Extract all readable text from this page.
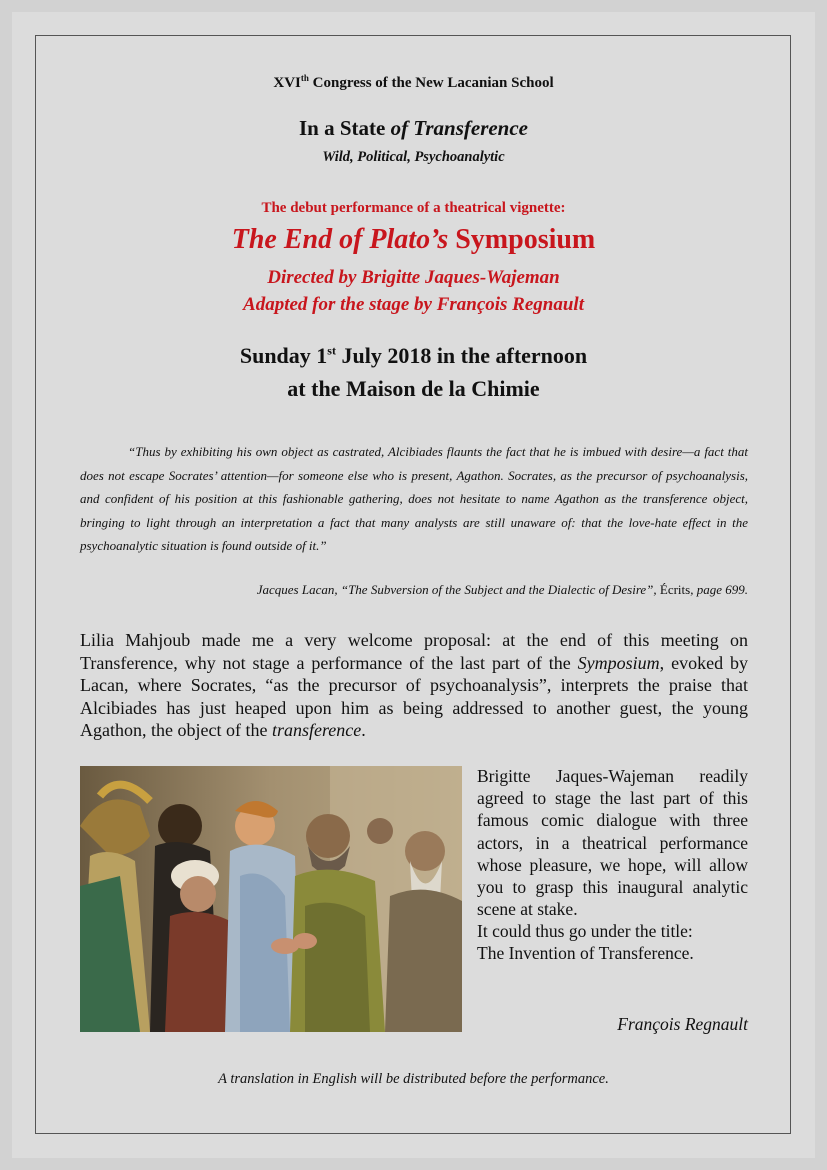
XVIth Congress of the New Lacanian School
In a State of Transference
Wild, Political, Psychoanalytic
The debut performance of a theatrical vignette:
The End of Plato’s Symposium
Directed by Brigitte Jaques-Wajeman
Adapted for the stage by François Regnault
Sunday 1st July 2018 in the afternoon
at the Maison de la Chimie
“Thus by exhibiting his own object as castrated, Alcibiades flaunts the fact that he is imbued with desire—a fact that does not escape Socrates’ attention—for someone else who is present, Agathon. Socrates, as the precursor of psychoanalysis, and confident of his position at this fashionable gathering, does not hesitate to name Agathon as the transference object, bringing to light through an interpretation a fact that many analysts are still unaware of: that the love-hate effect in the psychoanalytic situation is found outside of it.”
Jacques Lacan, “The Subversion of the Subject and the Dialectic of Desire”, Écrits, page 699.
Lilia Mahjoub made me a very welcome proposal: at the end of this meeting on Transference, why not stage a performance of the last part of the Symposium, evoked by Lacan, where Socrates, “as the precursor of psychoanalysis”, interprets the praise that Alcibiades has just heaped upon him as being addressed to another guest, the young Agathon, the object of the transference.

Brigitte Jaques-Wajeman readily agreed to stage the last part of this famous comic dialogue with three actors, in a theatrical performance whose pleasure, we hope, will allow you to grasp this inaugural analytic scene at stake.

It could thus go under the title:
The Invention of Transference.
François Regnault
A translation in English will be distributed before the performance.
